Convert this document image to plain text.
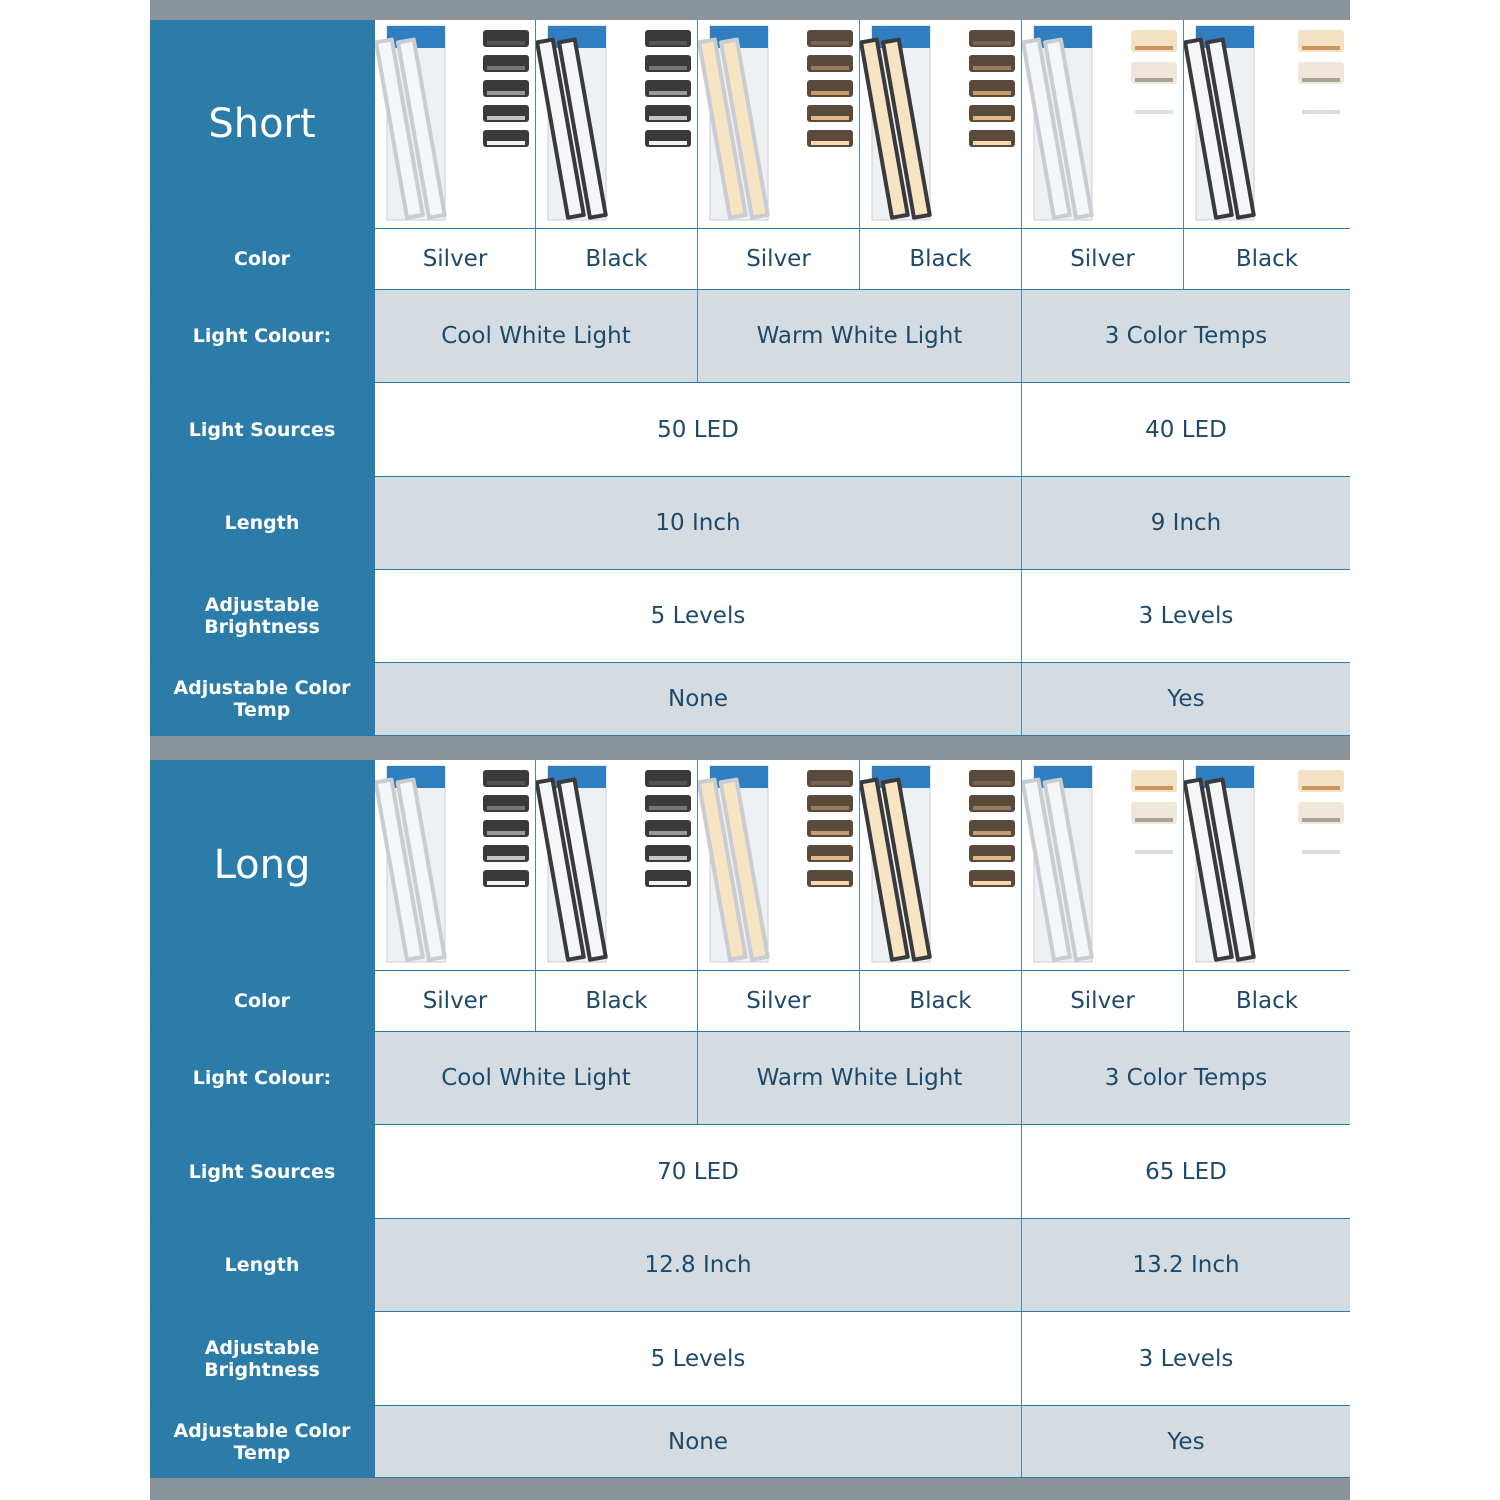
Short
Color	Silver	Black	Silver	Black	Silver	Black
Light Colour:	Cool White Light	Warm White Light	3 Color Temps
Light Sources	50 LED	40 LED
Length	10 Inch	9 Inch
Adjustable Brightness	5 Levels	3 Levels
Adjustable Color Temp	None	Yes
Long
Color	Silver	Black	Silver	Black	Silver	Black
Light Colour:	Cool White Light	Warm White Light	3 Color Temps
Light Sources	70 LED	65 LED
Length	12.8 Inch	13.2 Inch
Adjustable Brightness	5 Levels	3 Levels
Adjustable Color Temp	None	Yes
